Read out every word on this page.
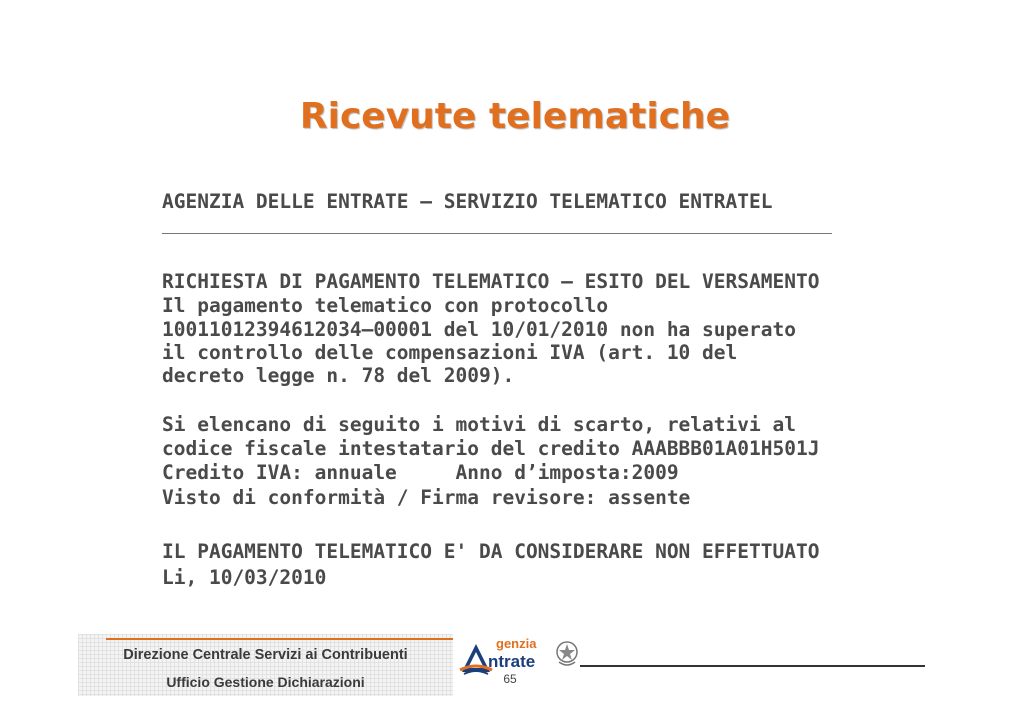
Ricevute telematiche
AGENZIA DELLE ENTRATE – SERVIZIO TELEMATICO ENTRATEL
RICHIESTA DI PAGAMENTO TELEMATICO – ESITO DEL VERSAMENTO
Il pagamento telematico con protocollo
10011012394612034–00001 del 10/01/2010 non ha superato
il controllo delle compensazioni IVA (art. 10 del
decreto legge n. 78 del 2009).
Si elencano di seguito i motivi di scarto, relativi al
codice fiscale intestatario del credito AAABBB01A01H501J
Credito IVA: annuale     Anno d’imposta:2009
Visto di conformità / Firma revisore: assente
IL PAGAMENTO TELEMATICO E' DA CONSIDERARE NON EFFETTUATO
Li, 10/03/2010
Direzione Centrale Servizi ai Contribuenti
Ufficio Gestione Dichiarazioni
genzia
ntrate
65
